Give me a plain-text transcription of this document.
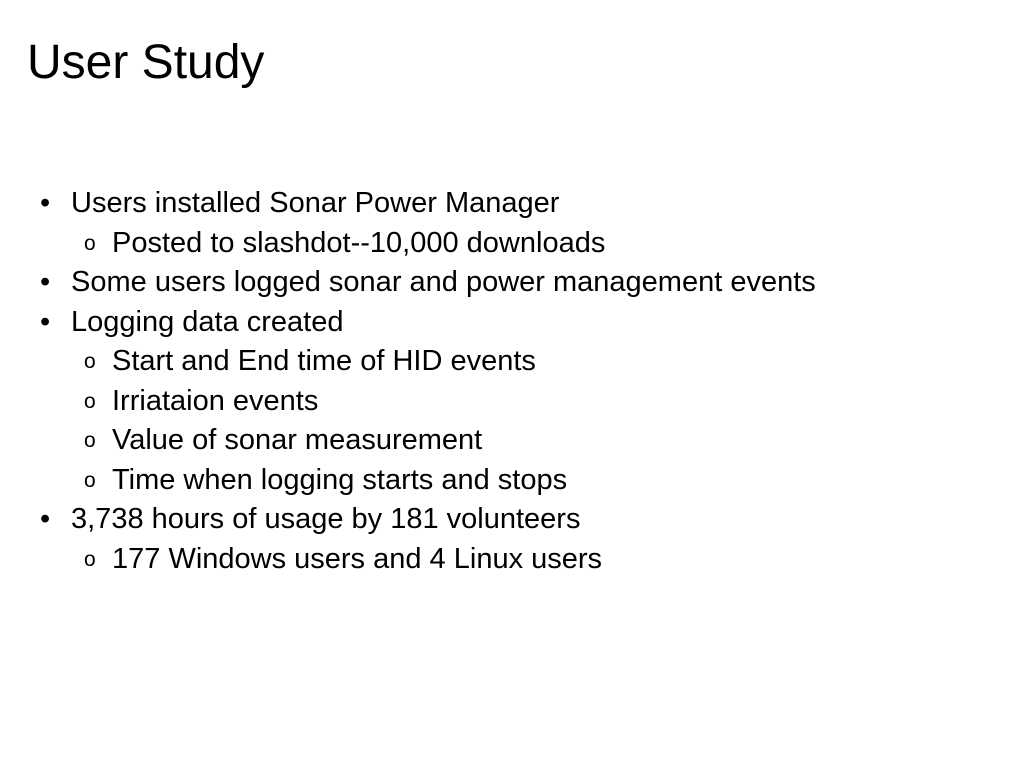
User Study
• Users installed Sonar Power Manager
o Posted to slashdot--10,000 downloads
• Some users logged sonar and power management events
• Logging data created
o Start and End time of HID events
o Irriataion events
o Value of sonar measurement
o Time when logging starts and stops
• 3,738 hours of usage by 181 volunteers
o 177 Windows users and 4 Linux users
